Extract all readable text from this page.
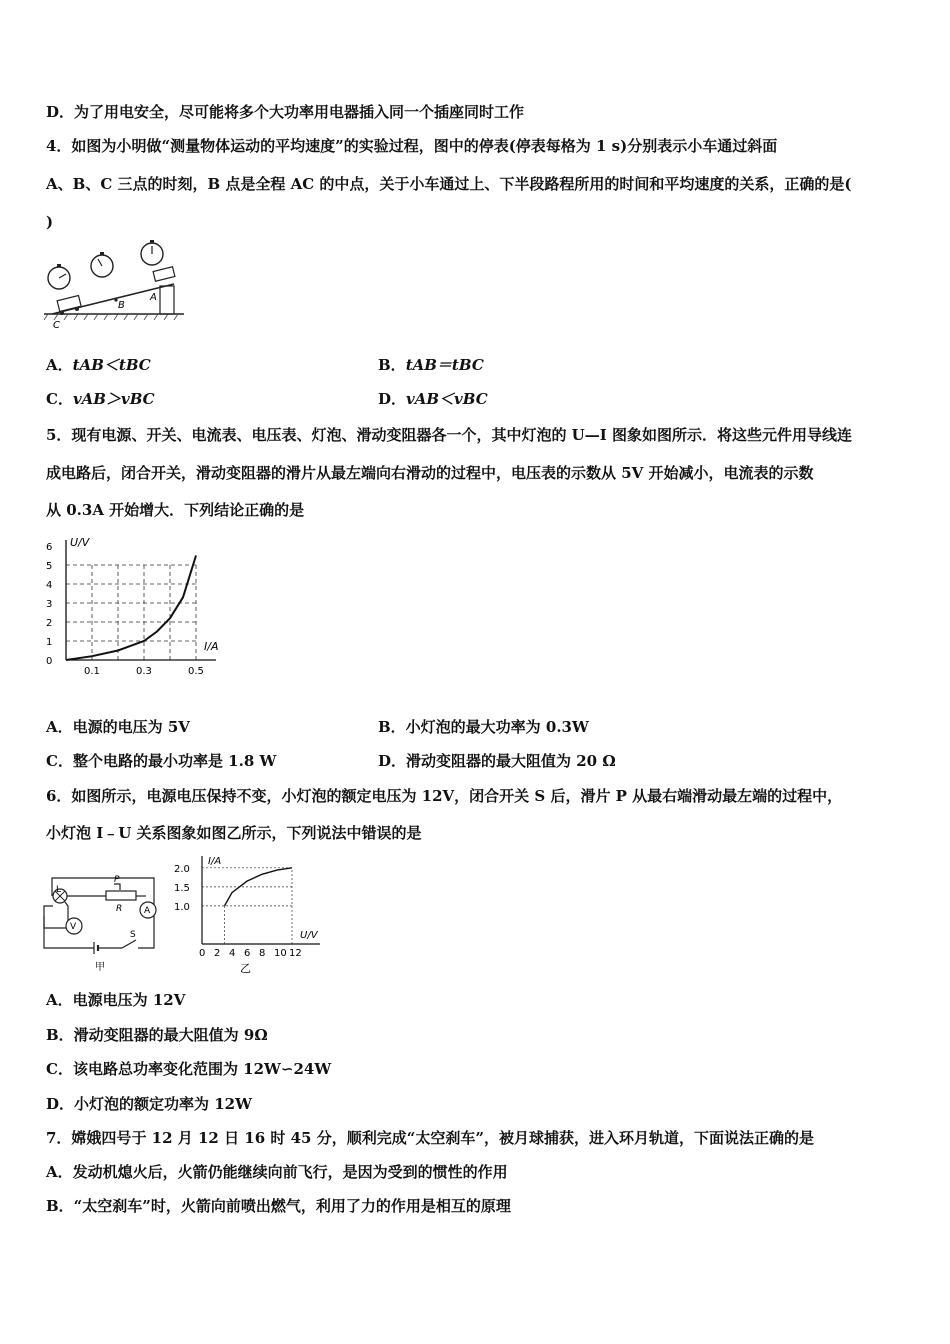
D．为了用电安全，尽可能将多个大功率用电器插入同一个插座同时工作
4．如图为小明做“测量物体运动的平均速度”的实验过程，图中的停表(停表每格为 1 s)分别表示小车通过斜面
A、B、C 三点的时刻，B 点是全程 AC 的中点，关于小车通过上、下半段路程所用的时间和平均速度的关系，正确的是(
)
A
B
C
A．tAB＜tBC	B．tAB＝tBC
C．vAB＞vBC	D．vAB＜vBC
5．现有电源、开关、电流表、电压表、灯泡、滑动变阻器各一个，其中灯泡的 U—I 图象如图所示．将这些元件用导线连
成电路后，闭合开关，滑动变阻器的滑片从最左端向右滑动的过程中，电压表的示数从 5V 开始减小，电流表的示数
从 0.3A 开始增大．下列结论正确的是
U/V
I/A
0
1
2
3
4
5
6
0.1	0.3	0.5
A．电源的电压为 5V	B．小灯泡的最大功率为 0.3W
C．整个电路的最小功率是 1.8 W	D．滑动变阻器的最大阻值为 20 Ω
6．如图所示，电源电压保持不变，小灯泡的额定电压为 12V，闭合开关 S 后，滑片 P 从最右端滑动最左端的过程中，
小灯泡 I﹣U 关系图象如图乙所示，下列说法中错误的是
L
P
R
V
A
S
甲
I/A
U/V
1.0
1.5
2.0
0 2 4 6 8 10 12
乙
A．电源电压为 12V
B．滑动变阻器的最大阻值为 9Ω
C．该电路总功率变化范围为 12W∽24W
D．小灯泡的额定功率为 12W
7．嫦娥四号于 12 月 12 日 16 时 45 分，顺利完成“太空刹车”，被月球捕获，进入环月轨道，下面说法正确的是
A．发动机熄火后，火箭仍能继续向前飞行，是因为受到的惯性的作用
B．“太空刹车”时，火箭向前喷出燃气，利用了力的作用是相互的原理
